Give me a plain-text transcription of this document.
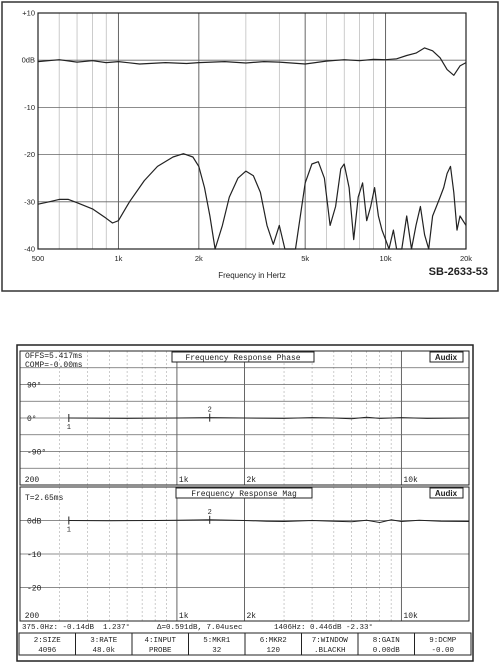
+10
0dB
-10
-20
-30
-40
500	1k	2k	5k	10k	20k
Frequency in Hertz	SB-2633-53
1
2
90°
0°
-90°
200	1k	2k	10k
Frequency Response Phase
OFFS=5.417ms
COMP=-0.00ms
Audix
1
2
0dB
-10
-20
200	1k	2k	10k
Frequency Response Mag
T=2.65ms
Audix
375.0Hz: -0.14dB  1.237°      Δ=0.591dB, 7.04usec       1406Hz: 0.446dB -2.33°
2:SIZE
4096
3:RATE
48.0k
4:INPUT
PROBE
5:MKR1
32
6:MKR2
120
7:WINDOW
.BLACKH
8:GAIN
0.00dB
9:DCMP
-0.00
